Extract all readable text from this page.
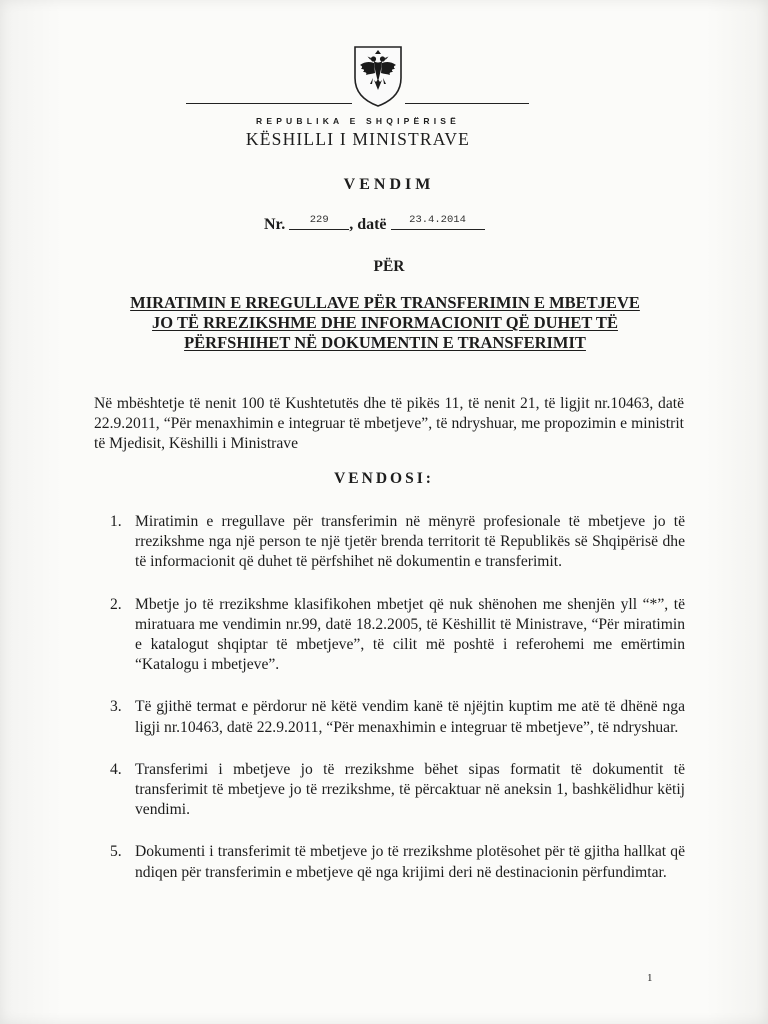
REPUBLIKA E SHQIPËRISË
KËSHILLI I MINISTRAVE
VENDIM
Nr. 229 , datë 23.4.2014
PËR
MIRATIMIN E RREGULLAVE PËR TRANSFERIMIN E MBETJEVE
JO TË RREZIKSHME DHE INFORMACIONIT QË DUHET TË
PËRFSHIHET NË DOKUMENTIN E TRANSFERIMIT
Në mbështetje të nenit 100 të Kushtetutës dhe të pikës 11, të nenit 21, të ligjit nr.10463, datë 22.9.2011, “Për menaxhimin e integruar të mbetjeve”, të ndryshuar, me propozimin e ministrit të Mjedisit, Këshilli i Ministrave
VENDOSI:
1. Miratimin e rregullave për transferimin në mënyrë profesionale të mbetjeve jo të rrezikshme nga një person te një tjetër brenda territorit të Republikës së Shqipërisë dhe të informacionit që duhet të përfshihet në dokumentin e transferimit.
2. Mbetje jo të rrezikshme klasifikohen mbetjet që nuk shënohen me shenjën yll “*”, të miratuara me vendimin nr.99, datë 18.2.2005, të Këshillit të Ministrave, “Për miratimin e katalogut shqiptar të mbetjeve”, të cilit më poshtë i referohemi me emërtimin “Katalogu i mbetjeve”.
3. Të gjithë termat e përdorur në këtë vendim kanë të njëjtin kuptim me atë të dhënë nga ligji nr.10463, datë 22.9.2011, “Për menaxhimin e integruar të mbetjeve”, të ndryshuar.
4. Transferimi i mbetjeve jo të rrezikshme bëhet sipas formatit të dokumentit të transferimit të mbetjeve jo të rrezikshme, të përcaktuar në aneksin 1, bashkëlidhur këtij vendimi.
5. Dokumenti i transferimit të mbetjeve jo të rrezikshme plotësohet për të gjitha hallkat që ndiqen për transferimin e mbetjeve që nga krijimi deri në destinacionin përfundimtar.
1
